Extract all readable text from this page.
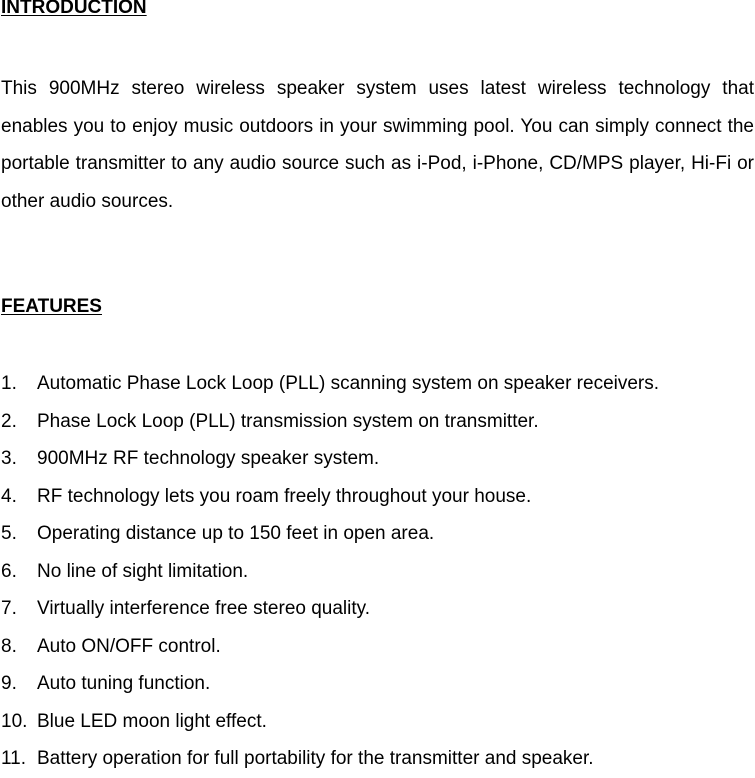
INTRODUCTION

This 900MHz stereo wireless speaker system uses latest wireless technology that enables you to enjoy music outdoors in your swimming pool. You can simply connect the portable transmitter to any audio source such as i-Pod, i-Phone, CD/MPS player, Hi-Fi or other audio sources.

FEATURES
1. Automatic Phase Lock Loop (PLL) scanning system on speaker receivers.
2. Phase Lock Loop (PLL) transmission system on transmitter.
3. 900MHz RF technology speaker system.
4. RF technology lets you roam freely throughout your house.
5. Operating distance up to 150 feet in open area.
6. No line of sight limitation.
7. Virtually interference free stereo quality.
8. Auto ON/OFF control.
9. Auto tuning function.
10. Blue LED moon light effect.
11. Battery operation for full portability for the transmitter and speaker.
